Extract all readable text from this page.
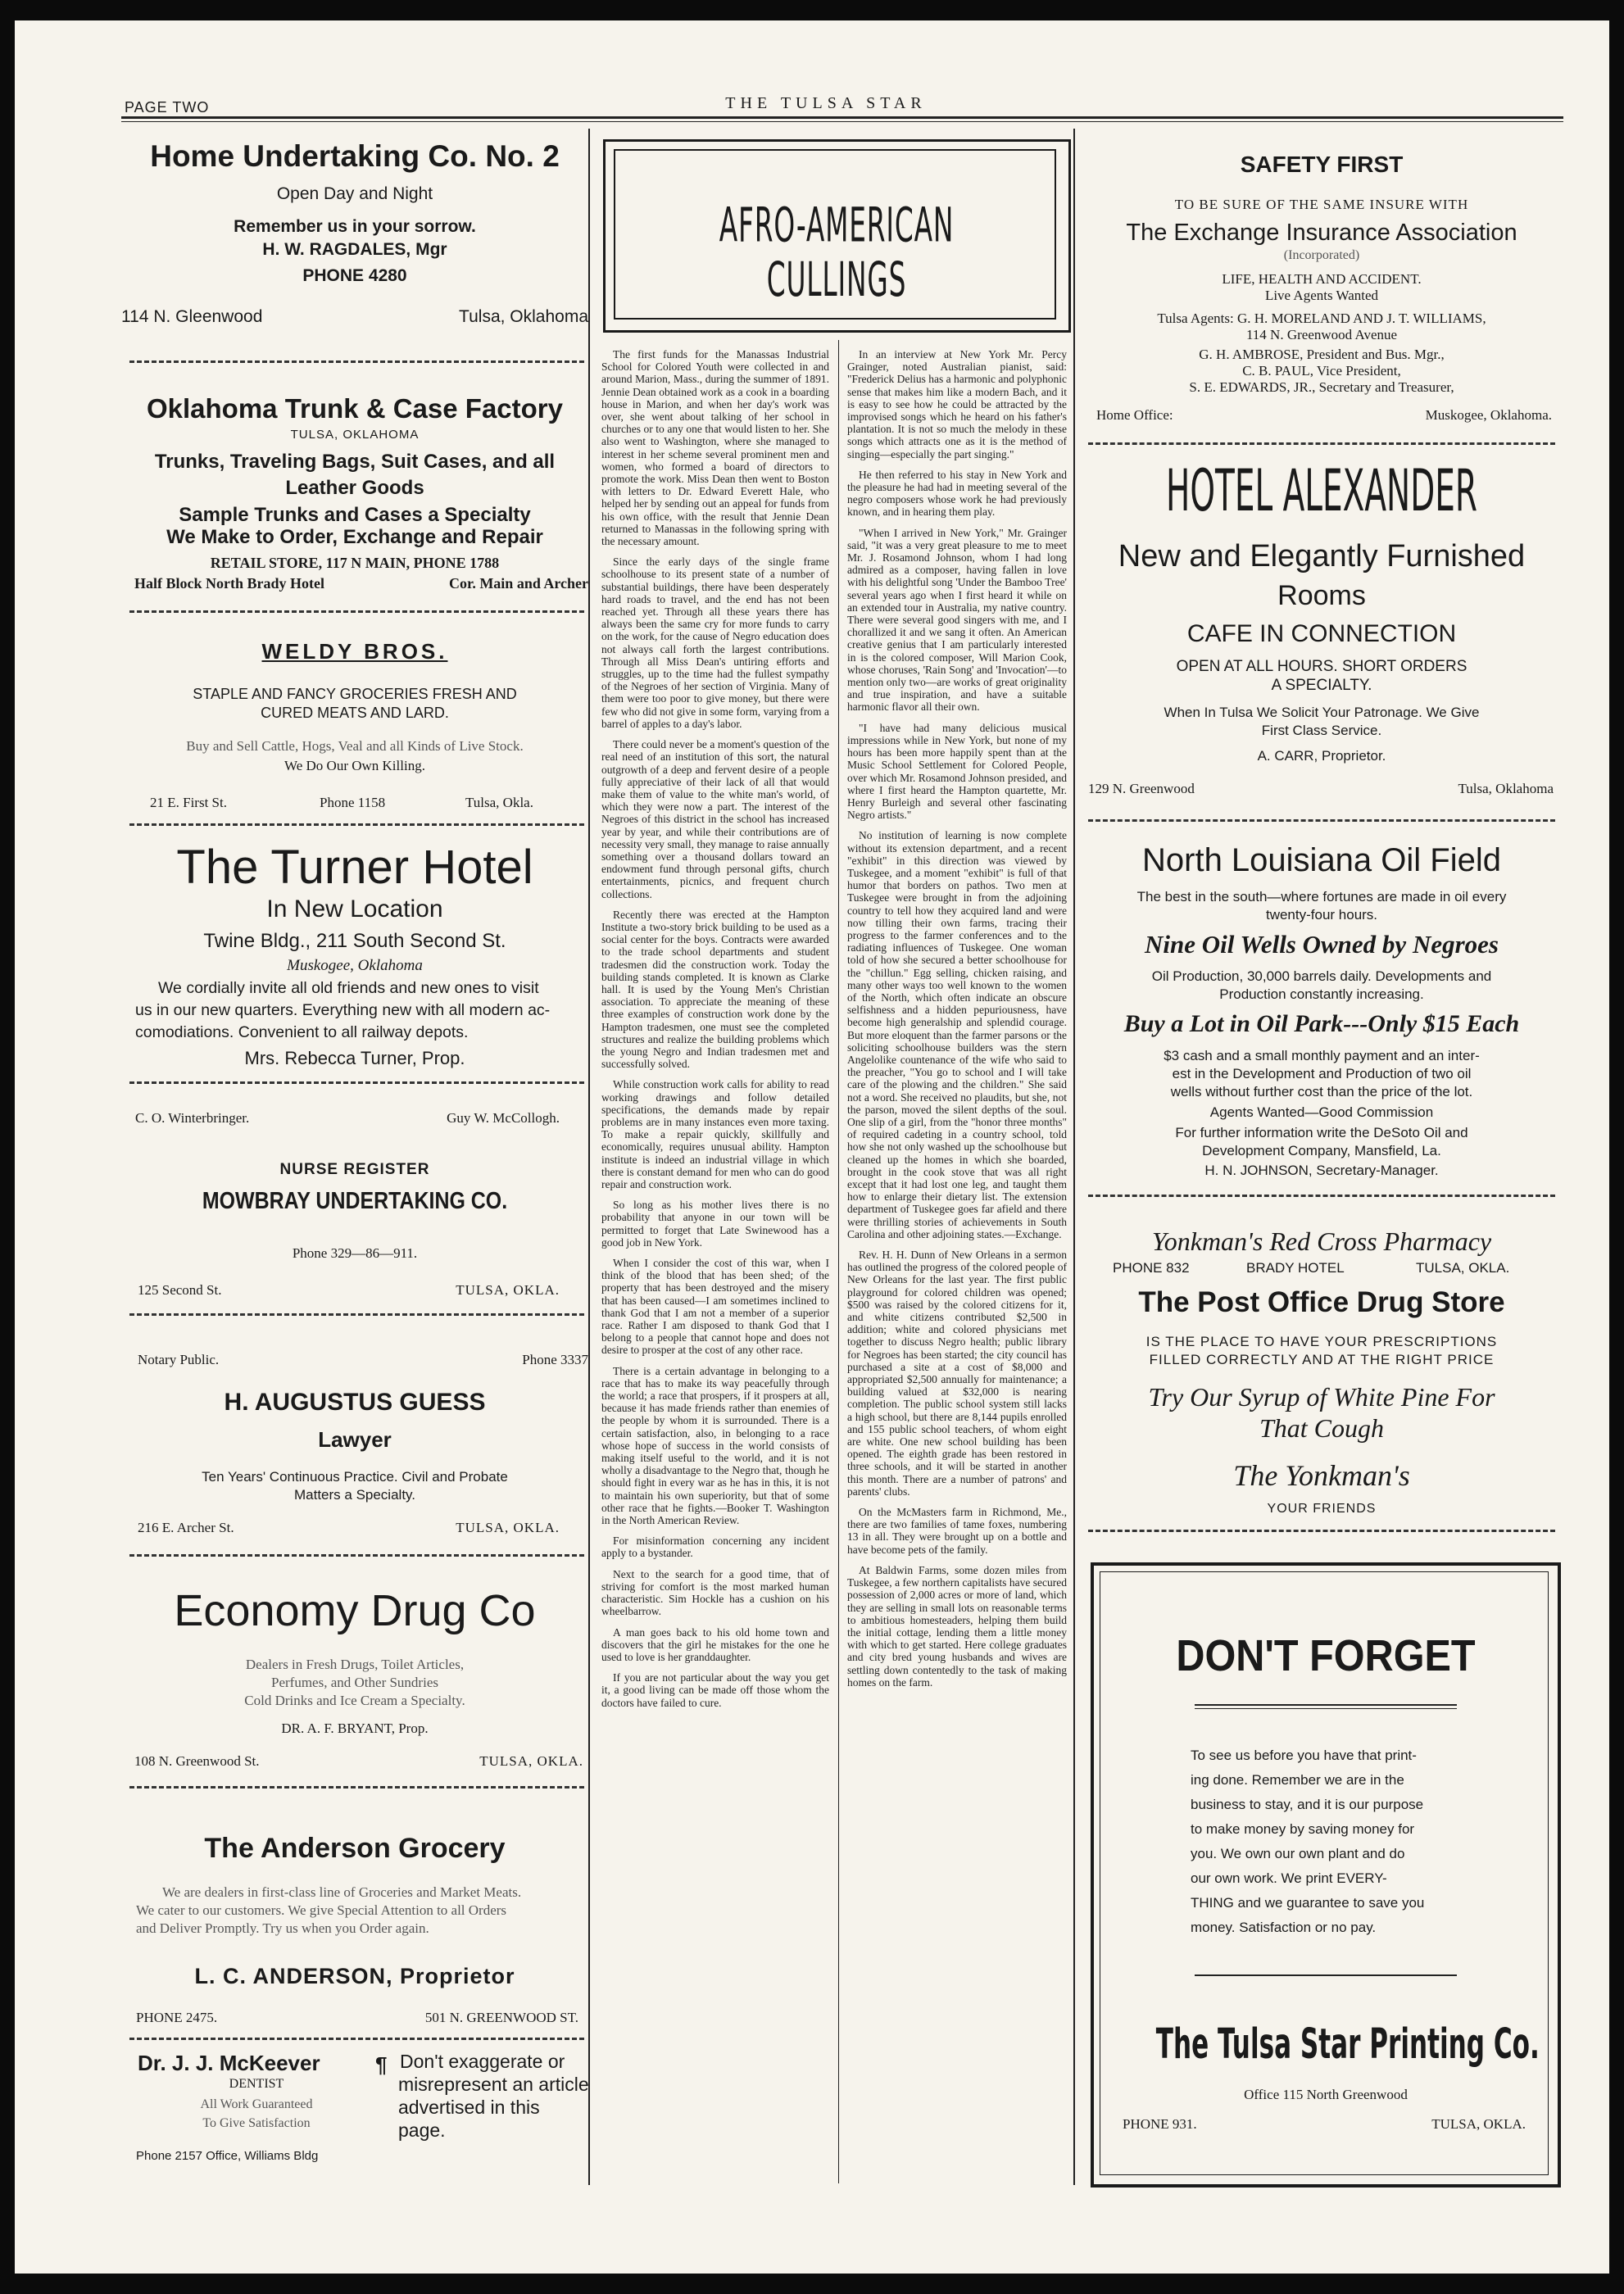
PAGE TWO	THE TULSA STAR
Home Undertaking Co. No. 2
Open Day and Night
Remember us in your sorrow.
H. W. RAGDALES, Mgr
PHONE 4280
114 N. Gleenwood	Tulsa, Oklahoma
Oklahoma Trunk & Case Factory
TULSA, OKLAHOMA
Trunks, Traveling Bags, Suit Cases, and all
Leather Goods
Sample Trunks and Cases a Specialty
We Make to Order, Exchange and Repair
RETAIL STORE, 117 N MAIN, PHONE 1788
Half Block North Brady Hotel	Cor. Main and Archer
WELDY BROS.
STAPLE AND FANCY GROCERIES FRESH AND
CURED MEATS AND LARD.
Buy and Sell Cattle, Hogs, Veal and all Kinds of Live Stock.
We Do Our Own Killing.
21 E. First St.	Phone 1158	Tulsa, Okla.
The Turner Hotel
In New Location
Twine Bldg., 211 South Second St.
Muskogee, Oklahoma
We cordially invite all old friends and new ones to visit
us in our new quarters. Everything new with all modern ac-
comodiations. Convenient to all railway depots.
Mrs. Rebecca Turner, Prop.
C. O. Winterbringer.	Guy W. McCollogh.
NURSE REGISTER
MOWBRAY UNDERTAKING CO.
Phone 329—86—911.
125 Second St.	TULSA, OKLA.
Notary Public.	Phone 3337
H. AUGUSTUS GUESS
Lawyer
Ten Years' Continuous Practice. Civil and Probate
Matters a Specialty.
216 E. Archer St.	TULSA, OKLA.
Economy Drug Co
Dealers in Fresh Drugs, Toilet Articles,
Perfumes, and Other Sundries
Cold Drinks and Ice Cream a Specialty.
DR. A. F. BRYANT, Prop.
108 N. Greenwood St.	TULSA, OKLA.
The Anderson Grocery
We are dealers in first-class line of Groceries and Market Meats.
We cater to our customers. We give Special Attention to all Orders
and Deliver Promptly. Try us when you Order again.
L. C. ANDERSON, Proprietor
PHONE 2475.	501 N. GREENWOOD ST.
Dr. J. J. McKeever
DENTIST
All Work Guaranteed
To Give Satisfaction
Phone 2157 Office, Williams Bldg
¶ Don't exaggerate or
misrepresent an article
advertised in this
page.
AFRO-AMERICAN CULLINGS

The first funds for the Manassas Industrial School for Colored Youth were collected in and around Marion, Mass., during the summer of 1891. Jennie Dean obtained work as a cook in a boarding house in Marion, and when her day's work was over, she went about talking of her school in churches or to any one that would listen to her. She also went to Washington, where she managed to interest in her scheme several prominent men and women, who formed a board of directors to promote the work. Miss Dean then went to Boston with letters to Dr. Edward Everett Hale, who helped her by sending out an appeal for funds from his own office, with the result that Jennie Dean returned to Manassas in the following spring with the necessary amount.

Since the early days of the single frame schoolhouse to its present state of a number of substantial buildings, there have been desperately hard roads to travel, and the end has not been reached yet. Through all these years there has always been the same cry for more funds to carry on the work, for the cause of Negro education does not always call forth the largest contributions. Through all Miss Dean's untiring efforts and struggles, up to the time had the fullest sympathy of the Negroes of her section of Virginia. Many of them were too poor to give money, but there were few who did not give in some form, varying from a barrel of apples to a day's labor.

There could never be a moment's question of the real need of an institution of this sort, the natural outgrowth of a deep and fervent desire of a people fully appreciative of their lack of all that would make them of value to the white man's world, of which they were now a part. The interest of the Negroes of this district in the school has increased year by year, and while their contributions are of necessity very small, they manage to raise annually something over a thousand dollars toward an endowment fund through personal gifts, church entertainments, picnics, and frequent church collections.

Recently there was erected at the Hampton Institute a two-story brick building to be used as a social center for the boys. Contracts were awarded to the trade school departments and student tradesmen did the construction work. Today the building stands completed. It is known as Clarke hall. It is used by the Young Men's Christian association. To appreciate the meaning of these three examples of construction work done by the Hampton tradesmen, one must see the completed structures and realize the building problems which the young Negro and Indian tradesmen met and successfully solved.

While construction work calls for ability to read working drawings and follow detailed specifications, the demands made by repair problems are in many instances even more taxing. To make a repair quickly, skillfully and economically, requires unusual ability. Hampton institute is indeed an industrial village in which there is constant demand for men who can do good repair and construction work.

So long as his mother lives there is no probability that anyone in our town will be permitted to forget that Late Swinewood has a good job in New York.

When I consider the cost of this war, when I think of the blood that has been shed; of the property that has been destroyed and the misery that has been caused—I am sometimes inclined to thank God that I am not a member of a superior race. Rather I am disposed to thank God that I belong to a people that cannot hope and does not desire to prosper at the cost of any other race.

There is a certain advantage in belonging to a race that has to make its way peacefully through the world; a race that prospers, if it prospers at all, because it has made friends rather than enemies of the people by whom it is surrounded. There is a certain satisfaction, also, in belonging to a race whose hope of success in the world consists of making itself useful to the world, and it is not wholly a disadvantage to the Negro that, though he should fight in every war as he has in this, it is not to maintain his own superiority, but that of some other race that he fights.—Booker T. Washington in the North American Review.

For misinformation concerning any incident apply to a bystander.

Next to the search for a good time, that of striving for comfort is the most marked human characteristic. Sim Hockle has a cushion on his wheelbarrow.

A man goes back to his old home town and discovers that the girl he mistakes for the one he used to love is her granddaughter.

If you are not particular about the way you get it, a good living can be made off those whom the doctors have failed to cure.

In an interview at New York Mr. Percy Grainger, noted Australian pianist, said: "Frederick Delius has a harmonic and polyphonic sense that makes him like a modern Bach, and it is easy to see how he could be attracted by the improvised songs which he heard on his father's plantation. It is not so much the melody in these songs which attracts one as it is the method of singing—especially the part singing."

He then referred to his stay in New York and the pleasure he had had in meeting several of the negro composers whose work he had previously known, and in hearing them play.

"When I arrived in New York," Mr. Grainger said, "it was a very great pleasure to me to meet Mr. J. Rosamond Johnson, whom I had long admired as a composer, having fallen in love with his delightful song 'Under the Bamboo Tree' several years ago when I first heard it while on an extended tour in Australia, my native country. There were several good singers with me, and I chorallized it and we sang it often. An American creative genius that I am particularly interested in is the colored composer, Will Marion Cook, whose choruses, 'Rain Song' and 'Invocation'—to mention only two—are works of great originality and true inspiration, and have a suitable harmonic flavor all their own.

"I have had many delicious musical impressions while in New York, but none of my hours has been more happily spent than at the Music School Settlement for Colored People, over which Mr. Rosamond Johnson presided, and where I first heard the Hampton quartette, Mr. Henry Burleigh and several other fascinating Negro artists."

No institution of learning is now complete without its extension department, and a recent "exhibit" in this direction was viewed by Tuskegee, and a moment "exhibit" is full of that humor that borders on pathos. Two men at Tuskegee were brought in from the adjoining country to tell how they acquired land and were now tilling their own farms, tracing their progress to the farmer conferences and to the radiating influences of Tuskegee. One woman told of how she secured a better schoolhouse for the "chillun." Egg selling, chicken raising, and many other ways too well known to the women of the North, which often indicate an obscure selfishness and a hidden pepuriousness, have become high generalship and splendid courage. But more eloquent than the farmer parsons or the soliciting schoolhouse builders was the stern Angelolike countenance of the wife who said to the preacher, "You go to school and I will take care of the plowing and the children." She said not a word. She received no plaudits, but she, not the parson, moved the silent depths of the soul. One slip of a girl, from the "honor three months" of required cadeting in a country school, told how she not only washed up the schoolhouse but cleaned up the homes in which she boarded, brought in the cook stove that was all right except that it had lost one leg, and taught them how to enlarge their dietary list. The extension department of Tuskegee goes far afield and there were thrilling stories of achievements in South Carolina and other adjoining states.—Exchange.

Rev. H. H. Dunn of New Orleans in a sermon has outlined the progress of the colored people of New Orleans for the last year. The first public playground for colored children was opened; $500 was raised by the colored citizens for it, and white citizens contributed $2,500 in addition; white and colored physicians met together to discuss Negro health; public library for Negroes has been started; the city council has purchased a site at a cost of $8,000 and appropriated $2,500 annually for maintenance; a building valued at $32,000 is nearing completion. The public school system still lacks a high school, but there are 8,144 pupils enrolled and 155 public school teachers, of whom eight are white. One new school building has been opened. The eighth grade has been restored in three schools, and it will be started in another this month. There are a number of patrons' and parents' clubs.

On the McMasters farm in Richmond, Me., there are two families of tame foxes, numbering 13 in all. They were brought up on a bottle and have become pets of the family.

At Baldwin Farms, some dozen miles from Tuskegee, a few northern capitalists have secured possession of 2,000 acres or more of land, which they are selling in small lots on reasonable terms to ambitious homesteaders, helping them build the initial cottage, lending them a little money with which to get started. Here college graduates and city bred young husbands and wives are settling down contentedly to the task of making homes on the farm.

SAFETY FIRST
TO BE SURE OF THE SAME INSURE WITH
The Exchange Insurance Association
(Incorporated)
LIFE, HEALTH AND ACCIDENT.
Live Agents Wanted
Tulsa Agents: G. H. MORELAND AND J. T. WILLIAMS,
114 N. Greenwood Avenue
G. H. AMBROSE, President and Bus. Mgr.,
C. B. PAUL, Vice President,
S. E. EDWARDS, JR., Secretary and Treasurer,
Home Office:	Muskogee, Oklahoma.
HOTEL ALEXANDER
New and Elegantly Furnished
Rooms
CAFE IN CONNECTION
OPEN AT ALL HOURS. SHORT ORDERS
A SPECIALTY.
When In Tulsa We Solicit Your Patronage. We Give
First Class Service.
A. CARR, Proprietor.
129 N. Greenwood	Tulsa, Oklahoma
North Louisiana Oil Field
The best in the south—where fortunes are made in oil every
twenty-four hours.
Nine Oil Wells Owned by Negroes
Oil Production, 30,000 barrels daily. Developments and
Production constantly increasing.
Buy a Lot in Oil Park---Only $15 Each
$3 cash and a small monthly payment and an inter-
est in the Development and Production of two oil
wells without further cost than the price of the lot.
Agents Wanted—Good Commission
For further information write the DeSoto Oil and
Development Company, Mansfield, La.
H. N. JOHNSON, Secretary-Manager.
Yonkman's Red Cross Pharmacy
PHONE 832	BRADY HOTEL	TULSA, OKLA.
The Post Office Drug Store
IS THE PLACE TO HAVE YOUR PRESCRIPTIONS
FILLED CORRECTLY AND AT THE RIGHT PRICE
Try Our Syrup of White Pine For
That Cough
The Yonkman's
YOUR FRIENDS
DON'T FORGET
To see us before you have that print-
ing done. Remember we are in the
business to stay, and it is our purpose
to make money by saving money for
you. We own our own plant and do
our own work. We print EVERY-
THING and we guarantee to save you
money. Satisfaction or no pay.
The Tulsa Star Printing Co.
Office 115 North Greenwood
PHONE 931.	TULSA, OKLA.
